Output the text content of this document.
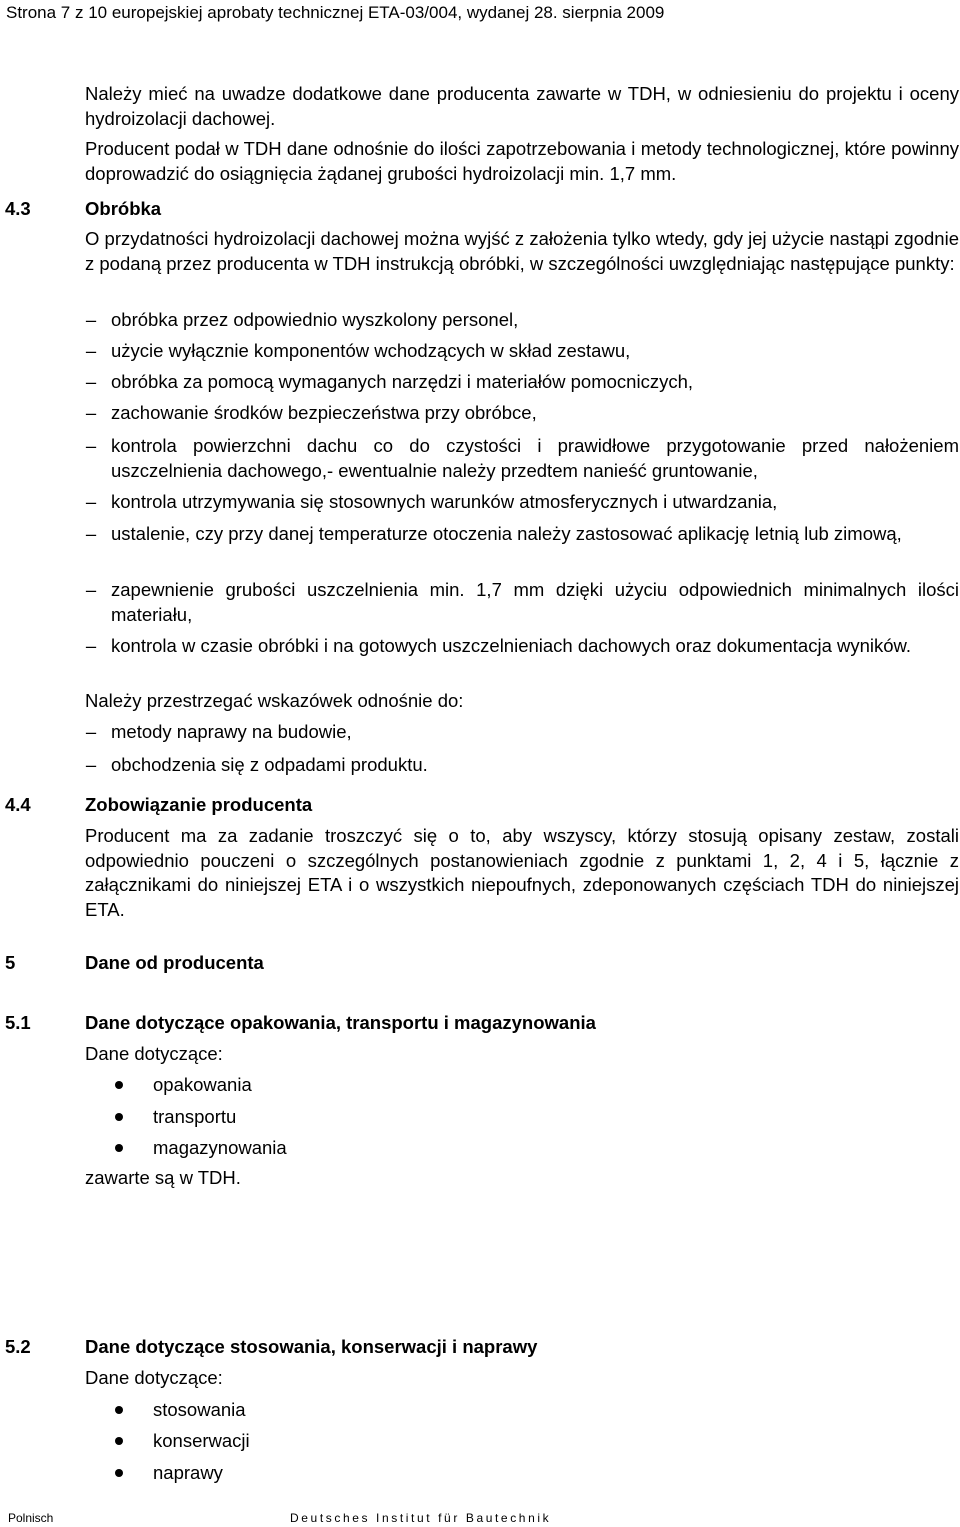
Strona 7 z 10 europejskiej aprobaty technicznej ETA-03/004, wydanej 28. sierpnia 2009
Należy mieć na uwadze dodatkowe dane producenta zawarte w TDH, w odniesieniu do projektu i oceny hydroizolacji dachowej.
Producent podał w TDH dane odnośnie do ilości zapotrzebowania i metody technologicznej, które powinny doprowadzić do osiągnięcia żądanej grubości hydroizolacji min. 1,7 mm.
4.3	Obróbka
O przydatności hydroizolacji dachowej można wyjść z założenia tylko wtedy, gdy jej użycie nastąpi zgodnie z podaną przez producenta w TDH instrukcją obróbki, w szczególności uwzględniając następujące punkty:
– obróbka przez odpowiednio wyszkolony personel,
– użycie wyłącznie komponentów wchodzących w skład zestawu,
– obróbka za pomocą wymaganych narzędzi i materiałów pomocniczych,
– zachowanie środków bezpieczeństwa przy obróbce,
– kontrola powierzchni dachu co do czystości i prawidłowe przygotowanie przed nałożeniem uszczelnienia dachowego,- ewentualnie należy przedtem nanieść gruntowanie,
– kontrola utrzymywania się stosownych warunków atmosferycznych i utwardzania,
– ustalenie, czy przy danej temperaturze otoczenia należy zastosować aplikację letnią lub zimową,
– zapewnienie grubości uszczelnienia min. 1,7 mm dzięki użyciu odpowiednich minimalnych ilości materiału,
– kontrola w czasie obróbki i na gotowych uszczelnieniach dachowych oraz dokumentacja wyników.
Należy przestrzegać wskazówek odnośnie do:
– metody naprawy na budowie,
– obchodzenia się z odpadami produktu.
4.4	Zobowiązanie producenta
Producent ma za zadanie troszczyć się o to, aby wszyscy, którzy stosują opisany zestaw, zostali odpowiednio pouczeni o szczególnych postanowieniach zgodnie z punktami 1, 2, 4 i 5, łącznie z załącznikami do niniejszej ETA i o wszystkich niepoufnych, zdeponowanych częściach TDH do niniejszej ETA.
5	Dane od producenta
5.1	Dane dotyczące opakowania, transportu i magazynowania
Dane dotyczące:
opakowania
transportu
magazynowania
zawarte są w TDH.
5.2	Dane dotyczące stosowania, konserwacji i naprawy
Dane dotyczące:
stosowania
konserwacji
naprawy
Polnisch	Deutsches Institut für Bautechnik
